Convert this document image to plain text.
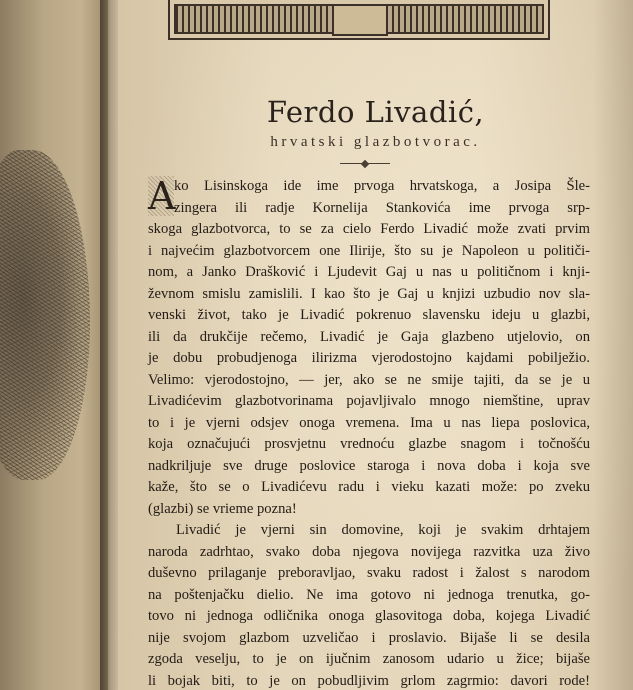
Ferdo Livadić,
hrvatski glazbotvorac.
A
ko Lisinskoga ide ime prvoga hrvatskoga, a Josipa Šle-
zingera ili radje Kornelija Stankovića ime prvoga srp-
skoga glazbotvorca, to se za cielo Ferdo Livadić može zvati prvim
i najvećim glazbotvorcem one Ilirije, što su je Napoleon u političi-
nom, a Janko Drašković i Ljudevit Gaj u nas u političnom i knji-
ževnom smislu zamislili. I kao što je Gaj u knjizi uzbudio nov sla-
venski život, tako je Livadić pokrenuo slavensku ideju u glazbi,
ili da drukčije rečemo, Livadić je Gaja glazbeno utjelovio, on
je dobu probudjenoga ilirizma vjerodostojno kajdami pobilježio.
Velimo: vjerodostojno, — jer, ako se ne smije tajiti, da se je u
Livadićevim glazbotvorinama pojavljivalo mnogo niemštine, uprav
to i je vjerni odsjev onoga vremena. Ima u nas liepa poslovica,
koja označujući prosvjetnu vrednoću glazbe snagom i točnošću
nadkriljuje sve druge poslovice staroga i nova doba i koja sve
kaže, što se o Livadićevu radu i vieku kazati može: po zveku
(glazbi) se vrieme pozna!
Livadić je vjerni sin domovine, koji je svakim drhtajem
naroda zadrhtao, svako doba njegova novijega razvitka uza živo
duševno prilaganje preboravljao, svaku radost i žalost s narodom
na poštenjačku dielio. Ne ima gotovo ni jednoga trenutka, go-
tovo ni jednoga odličnika onoga glasovitoga doba, kojega Livadić
nije svojom glazbom uzveličao i proslavio. Bijaše li se desila
zgoda veselju, to je on ijučnim zanosom udario u žice; bijaše
li bojak biti, to je on pobudljivim grlom zagrmio: davori rode!
